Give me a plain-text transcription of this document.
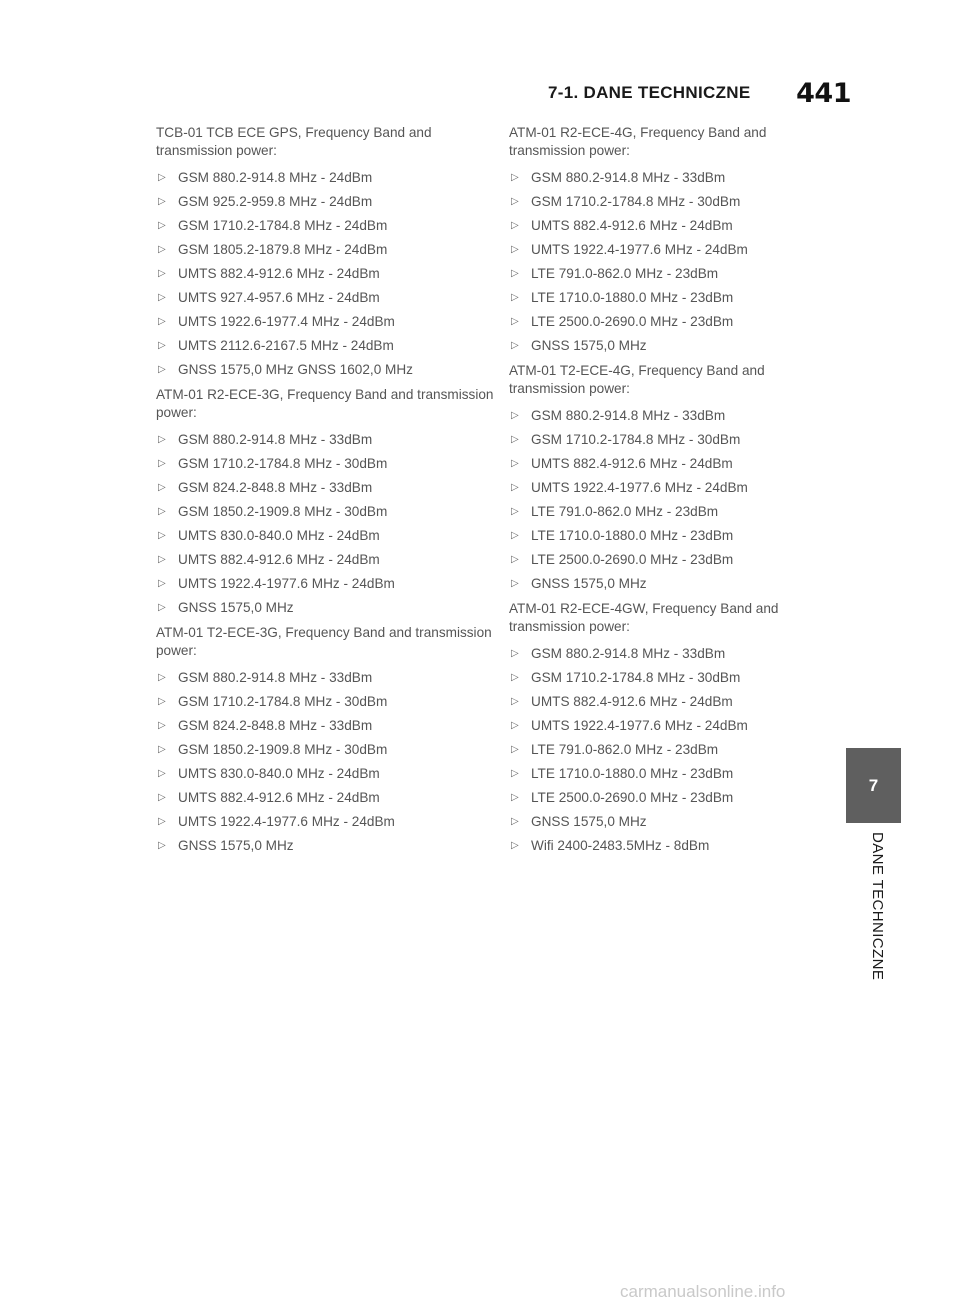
7-1. DANE TECHNICZNE 441
TCB-01 TCB ECE GPS, Frequency Band and transmission power:
▷ GSM 880.2-914.8 MHz - 24dBm
▷ GSM 925.2-959.8 MHz - 24dBm
▷ GSM 1710.2-1784.8 MHz - 24dBm
▷ GSM 1805.2-1879.8 MHz - 24dBm
▷ UMTS 882.4-912.6 MHz - 24dBm
▷ UMTS 927.4-957.6 MHz - 24dBm
▷ UMTS 1922.6-1977.4 MHz - 24dBm
▷ UMTS 2112.6-2167.5 MHz - 24dBm
▷ GNSS 1575,0 MHz GNSS 1602,0 MHz
ATM-01 R2-ECE-3G, Frequency Band and transmission power:
▷ GSM 880.2-914.8 MHz - 33dBm
▷ GSM 1710.2-1784.8 MHz - 30dBm
▷ GSM 824.2-848.8 MHz - 33dBm
▷ GSM 1850.2-1909.8 MHz - 30dBm
▷ UMTS 830.0-840.0 MHz - 24dBm
▷ UMTS 882.4-912.6 MHz - 24dBm
▷ UMTS 1922.4-1977.6 MHz - 24dBm
▷ GNSS 1575,0 MHz
ATM-01 T2-ECE-3G, Frequency Band and transmission power:
▷ GSM 880.2-914.8 MHz - 33dBm
▷ GSM 1710.2-1784.8 MHz - 30dBm
▷ GSM 824.2-848.8 MHz - 33dBm
▷ GSM 1850.2-1909.8 MHz - 30dBm
▷ UMTS 830.0-840.0 MHz - 24dBm
▷ UMTS 882.4-912.6 MHz - 24dBm
▷ UMTS 1922.4-1977.6 MHz - 24dBm
▷ GNSS 1575,0 MHz
ATM-01 R2-ECE-4G, Frequency Band and transmission power:
▷ GSM 880.2-914.8 MHz - 33dBm
▷ GSM 1710.2-1784.8 MHz - 30dBm
▷ UMTS 882.4-912.6 MHz - 24dBm
▷ UMTS 1922.4-1977.6 MHz - 24dBm
▷ LTE 791.0-862.0 MHz - 23dBm
▷ LTE 1710.0-1880.0 MHz - 23dBm
▷ LTE 2500.0-2690.0 MHz - 23dBm
▷ GNSS 1575,0 MHz
ATM-01 T2-ECE-4G, Frequency Band and transmission power:
▷ GSM 880.2-914.8 MHz - 33dBm
▷ GSM 1710.2-1784.8 MHz - 30dBm
▷ UMTS 882.4-912.6 MHz - 24dBm
▷ UMTS 1922.4-1977.6 MHz - 24dBm
▷ LTE 791.0-862.0 MHz - 23dBm
▷ LTE 1710.0-1880.0 MHz - 23dBm
▷ LTE 2500.0-2690.0 MHz - 23dBm
▷ GNSS 1575,0 MHz
ATM-01 R2-ECE-4GW, Frequency Band and transmission power:
▷ GSM 880.2-914.8 MHz - 33dBm
▷ GSM 1710.2-1784.8 MHz - 30dBm
▷ UMTS 882.4-912.6 MHz - 24dBm
▷ UMTS 1922.4-1977.6 MHz - 24dBm
▷ LTE 791.0-862.0 MHz - 23dBm
▷ LTE 1710.0-1880.0 MHz - 23dBm
▷ LTE 2500.0-2690.0 MHz - 23dBm
▷ GNSS 1575,0 MHz
▷ Wifi 2400-2483.5MHz - 8dBm
7
DANE TECHNICZNE
carmanualsonline.info
